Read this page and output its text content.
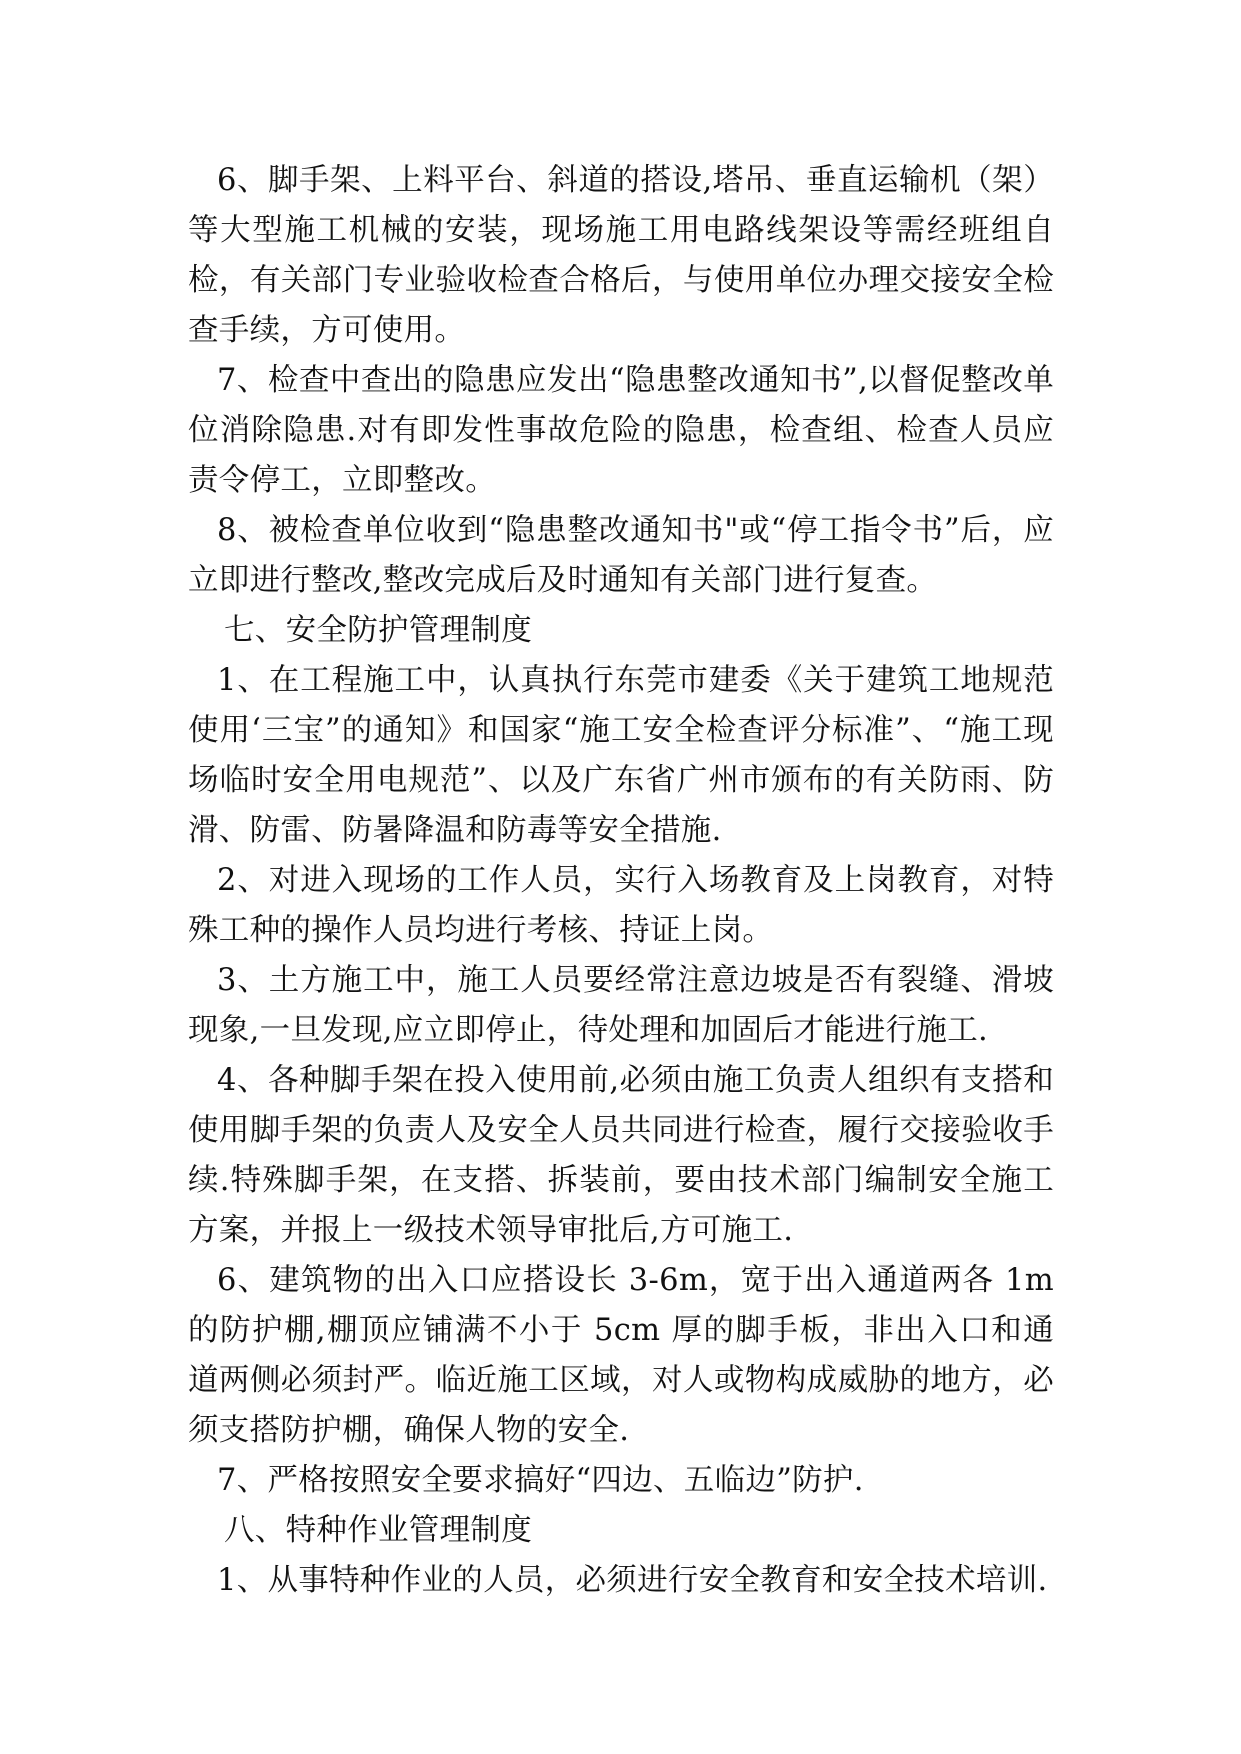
6、脚手架、上料平台、斜道的搭设,塔吊、垂直运输机（架）等大型施工机械的安装，现场施工用电路线架设等需经班组自检，有关部门专业验收检查合格后，与使用单位办理交接安全检查手续，方可使用。

7、检查中查出的隐患应发出“隐患整改通知书”,以督促整改单位消除隐患.对有即发性事故危险的隐患，检查组、检查人员应责令停工，立即整改。

8、被检查单位收到“隐患整改通知书"或“停工指令书”后，应立即进行整改,整改完成后及时通知有关部门进行复查。

七、安全防护管理制度

1、在工程施工中，认真执行东莞市建委《关于建筑工地规范使用‘三宝”的通知》和国家“施工安全检查评分标准”、“施工现场临时安全用电规范”、以及广东省广州市颁布的有关防雨、防滑、防雷、防暑降温和防毒等安全措施.

2、对进入现场的工作人员，实行入场教育及上岗教育，对特殊工种的操作人员均进行考核、持证上岗。

3、土方施工中，施工人员要经常注意边坡是否有裂缝、滑坡现象,一旦发现,应立即停止，待处理和加固后才能进行施工.

4、各种脚手架在投入使用前,必须由施工负责人组织有支搭和使用脚手架的负责人及安全人员共同进行检查，履行交接验收手续.特殊脚手架，在支搭、拆装前，要由技术部门编制安全施工方案，并报上一级技术领导审批后,方可施工.

6、建筑物的出入口应搭设长 3-6m，宽于出入通道两各 1m 的防护棚,棚顶应铺满不小于 5cm 厚的脚手板，非出入口和通道两侧必须封严。临近施工区域，对人或物构成威胁的地方，必须支搭防护棚，确保人物的安全.

7、严格按照安全要求搞好“四边、五临边”防护.

八、特种作业管理制度

1、从事特种作业的人员，必须进行安全教育和安全技术培训.
